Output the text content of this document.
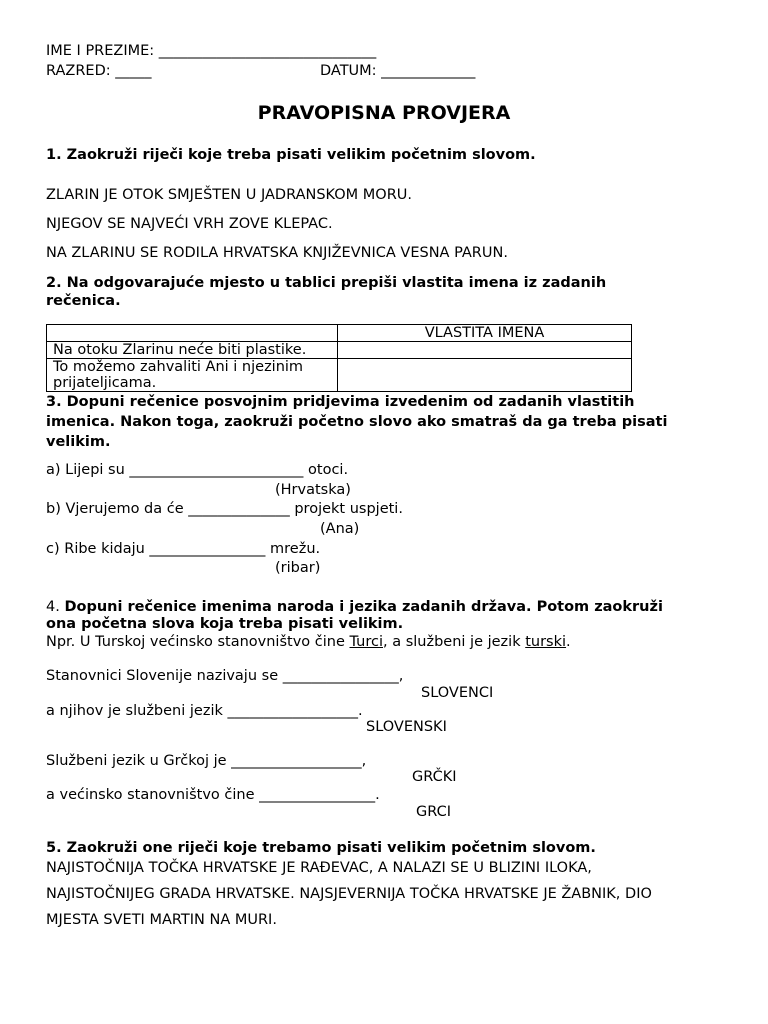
IME I PREZIME: ______________________________
RAZRED: _____	DATUM: _____________
PRAVOPISNA PROVJERA
1. Zaokruži riječi koje treba pisati velikim početnim slovom.
ZLARIN JE OTOK SMJEŠTEN U JADRANSKOM MORU.
NJEGOV SE NAJVEĆI VRH ZOVE KLEPAC.
NA ZLARINU SE RODILA HRVATSKA KNJIŽEVNICA VESNA PARUN.
2. Na odgovarajuće mjesto u tablici prepiši vlastita imena iz zadanih
rečenica.
	VLASTITA IMENA
Na otoku Zlarinu neće biti plastike.	
To možemo zahvaliti Ani i njezinim prijateljicama.	
3. Dopuni rečenice posvojnim pridjevima izvedenim od zadanih vlastitih
imenica. Nakon toga, zaokruži početno slovo ako smatraš da ga treba pisati
velikim.
a) Lijepi su ________________________ otoci.
(Hrvatska)
b) Vjerujemo da će ______________ projekt uspjeti.
(Ana)
c) Ribe kidaju ________________ mrežu.
(ribar)
4. Dopuni rečenice imenima naroda i jezika zadanih država. Potom zaokruži
ona početna slova koja treba pisati velikim.
Npr. U Turskoj većinsko stanovništvo čine Turci, a službeni je jezik turski.
Stanovnici Slovenije nazivaju se ________________,
SLOVENCI
a njihov je službeni jezik __________________.
SLOVENSKI
Službeni jezik u Grčkoj je __________________,
GRČKI
a većinsko stanovništvo čine ________________.
GRCI
5. Zaokruži one riječi koje trebamo pisati velikim početnim slovom.
NAJISTOČNIJA TOČKA HRVATSKE JE RAĐEVAC, A NALAZI SE U BLIZINI ILOKA,
NAJISTOČNIJEG GRADA HRVATSKE. NAJSJEVERNIJA TOČKA HRVATSKE JE ŽABNIK, DIO
MJESTA SVETI MARTIN NA MURI.
